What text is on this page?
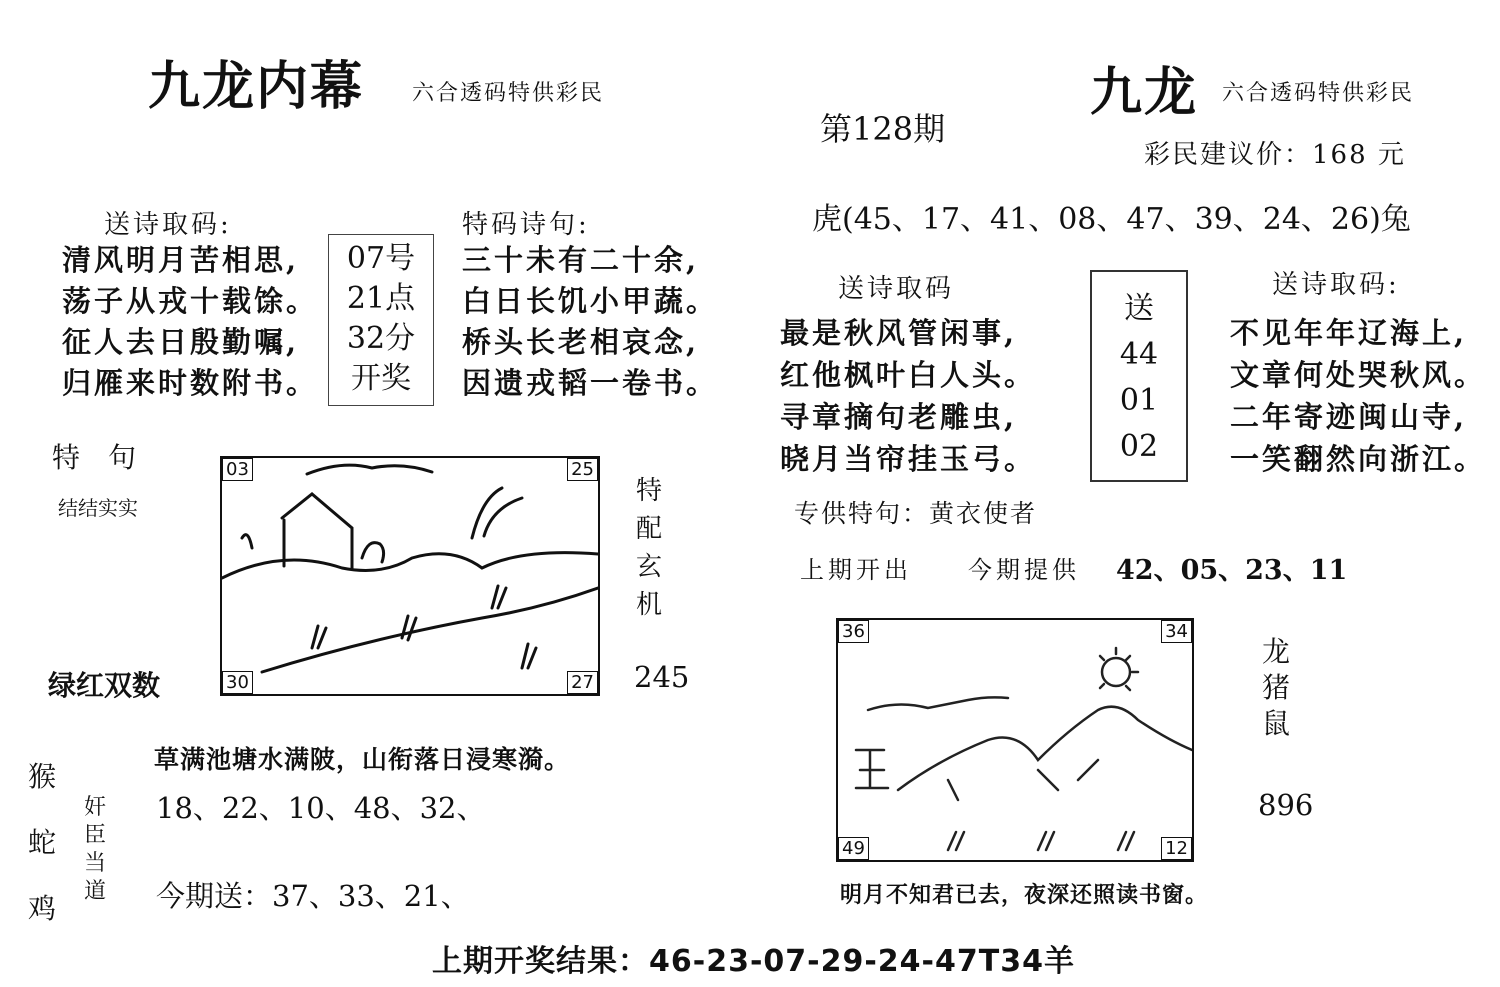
九龙内幕 六合透码特供彩民
送诗取码:
清风明月苦相思,
荡子从戎十载馀。
征人去日殷勤嘱,
归雁来时数附书。
07号
21点
32分
开奖
特码诗句:
三十未有二十余,
白日长饥小甲蔬。
桥头长老相哀念,
因遗戎韬一卷书。
特　句
结结实实
绿红双数
03	25
30	27
特
配
玄
机
245
猴
蛇
鸡
奸
臣
当
道
草满池塘水满陂，山衔落日浸寒漪。
18、22、10、48、32、
今期送：37、33、21、
九龙 六合透码特供彩民
第128期
彩民建议价：168 元
虎(45、17、41、08、47、39、24、26)兔
送诗取码
最是秋风管闲事,
红他枫叶白人头。
寻章摘句老雕虫,
晓月当帘挂玉弓。
送
44
01
02
送诗取码:
不见年年辽海上,
文章何处哭秋风。
二年寄迹闽山寺,
一笑翻然向浙江。
专供特句：黄衣使者
上期开出 今期提供 42、05、23、11
36	34
49	12
龙
猪
鼠
896
明月不知君已去，夜深还照读书窗。
上期开奖结果：46-23-07-29-24-47T34羊
